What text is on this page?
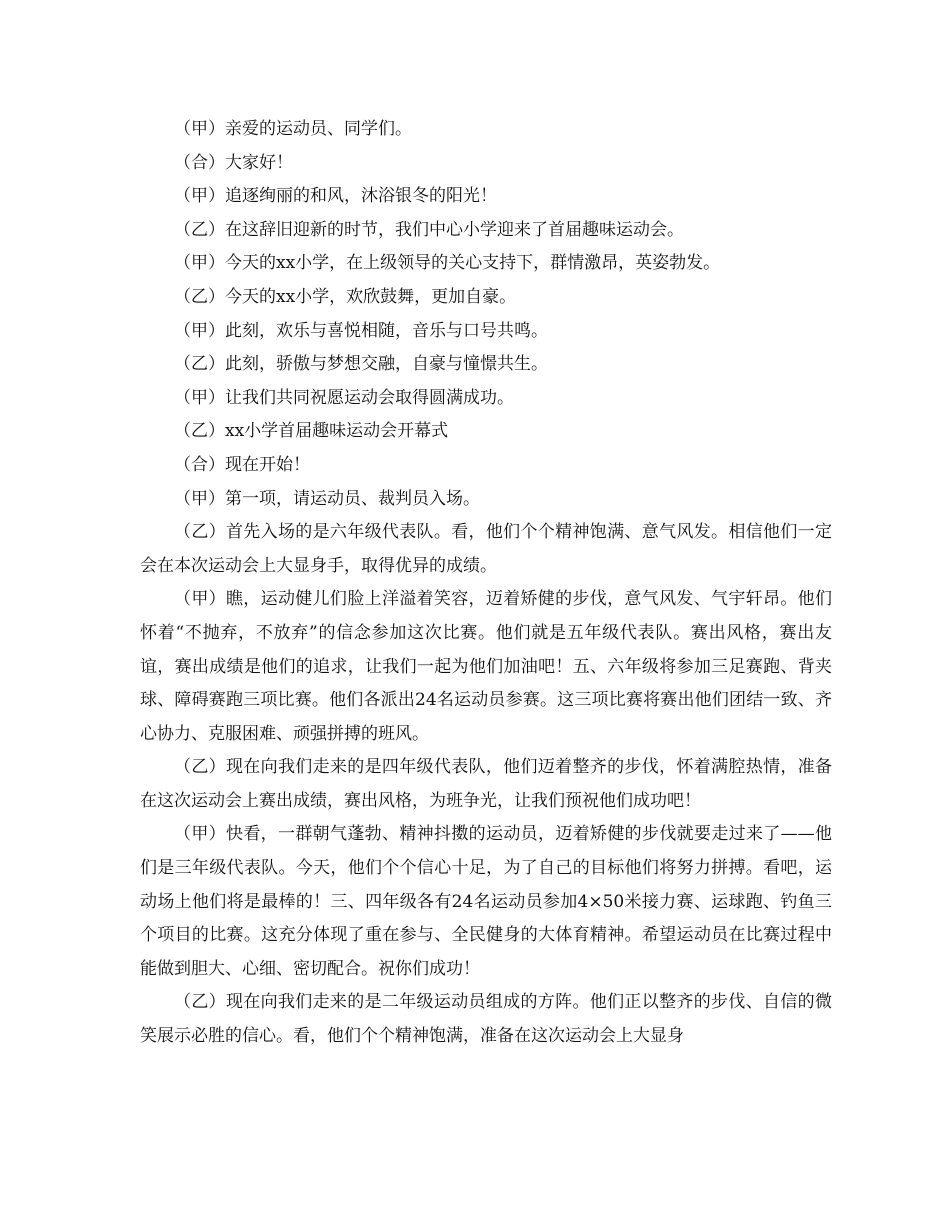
（甲）亲爱的运动员、同学们。

（合）大家好！

（甲）追逐绚丽的和风，沐浴银冬的阳光！

（乙）在这辞旧迎新的时节，我们中心小学迎来了首届趣味运动会。

（甲）今天的xx小学，在上级领导的关心支持下，群情激昂，英姿勃发。

（乙）今天的xx小学，欢欣鼓舞，更加自豪。

（甲）此刻，欢乐与喜悦相随，音乐与口号共鸣。

（乙）此刻，骄傲与梦想交融，自豪与憧憬共生。

（甲）让我们共同祝愿运动会取得圆满成功。

（乙）xx小学首届趣味运动会开幕式

（合）现在开始！

（甲）第一项，请运动员、裁判员入场。

（乙）首先入场的是六年级代表队。看，他们个个精神饱满、意气风发。相信他们一定会在本次运动会上大显身手，取得优异的成绩。

（甲）瞧，运动健儿们脸上洋溢着笑容，迈着矫健的步伐，意气风发、气宇轩昂。他们怀着“不抛弃，不放弃”的信念参加这次比赛。他们就是五年级代表队。赛出风格，赛出友谊，赛出成绩是他们的追求，让我们一起为他们加油吧！五、六年级将参加三足赛跑、背夹球、障碍赛跑三项比赛。他们各派出24名运动员参赛。这三项比赛将赛出他们团结一致、齐心协力、克服困难、顽强拼搏的班风。

（乙）现在向我们走来的是四年级代表队，他们迈着整齐的步伐，怀着满腔热情，准备在这次运动会上赛出成绩，赛出风格，为班争光，让我们预祝他们成功吧！

（甲）快看，一群朝气蓬勃、精神抖擞的运动员，迈着矫健的步伐就要走过来了——他们是三年级代表队。今天，他们个个信心十足，为了自己的目标他们将努力拼搏。看吧，运动场上他们将是最棒的！三、四年级各有24名运动员参加4×50米接力赛、运球跑、钓鱼三个项目的比赛。这充分体现了重在参与、全民健身的大体育精神。希望运动员在比赛过程中能做到胆大、心细、密切配合。祝你们成功！

（乙）现在向我们走来的是二年级运动员组成的方阵。他们正以整齐的步伐、自信的微笑展示必胜的信心。看，他们个个精神饱满，准备在这次运动会上大显身
